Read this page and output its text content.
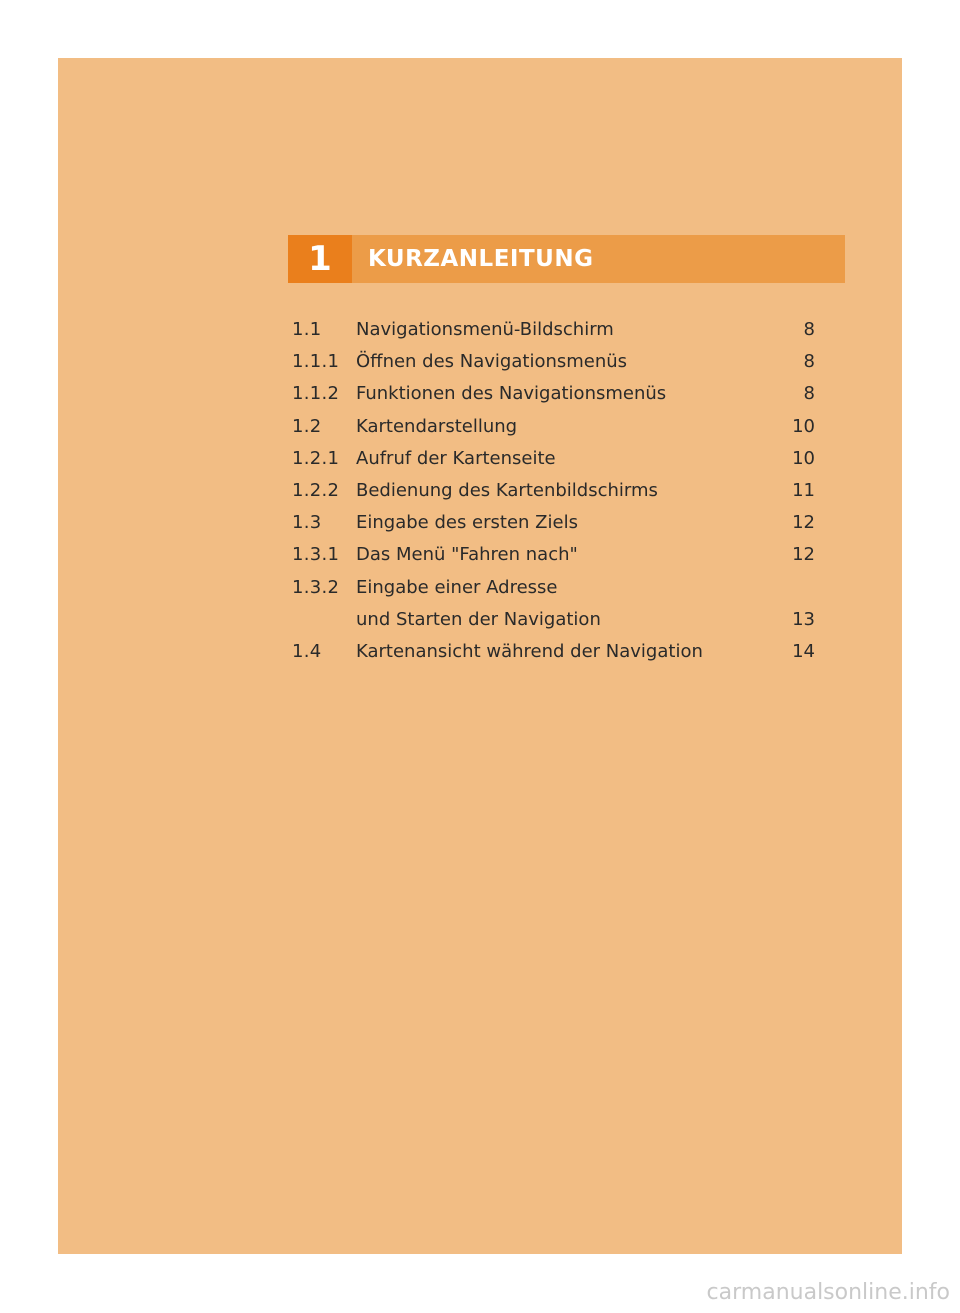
1	KURZANLEITUNG
1.1 Navigationsmenü-Bildschirm	8
1.1.1 Öffnen des Navigationsmenüs	8
1.1.2 Funktionen des Navigationsmenüs	8
1.2 Kartendarstellung	10
1.2.1 Aufruf der Kartenseite	10
1.2.2 Bedienung des Kartenbildschirms	11
1.3 Eingabe des ersten Ziels	12
1.3.1 Das Menü "Fahren nach"	12
1.3.2 Eingabe einer Adresse
und Starten der Navigation	13
1.4 Kartenansicht während der Navigation	14
carmanualsonline.info
